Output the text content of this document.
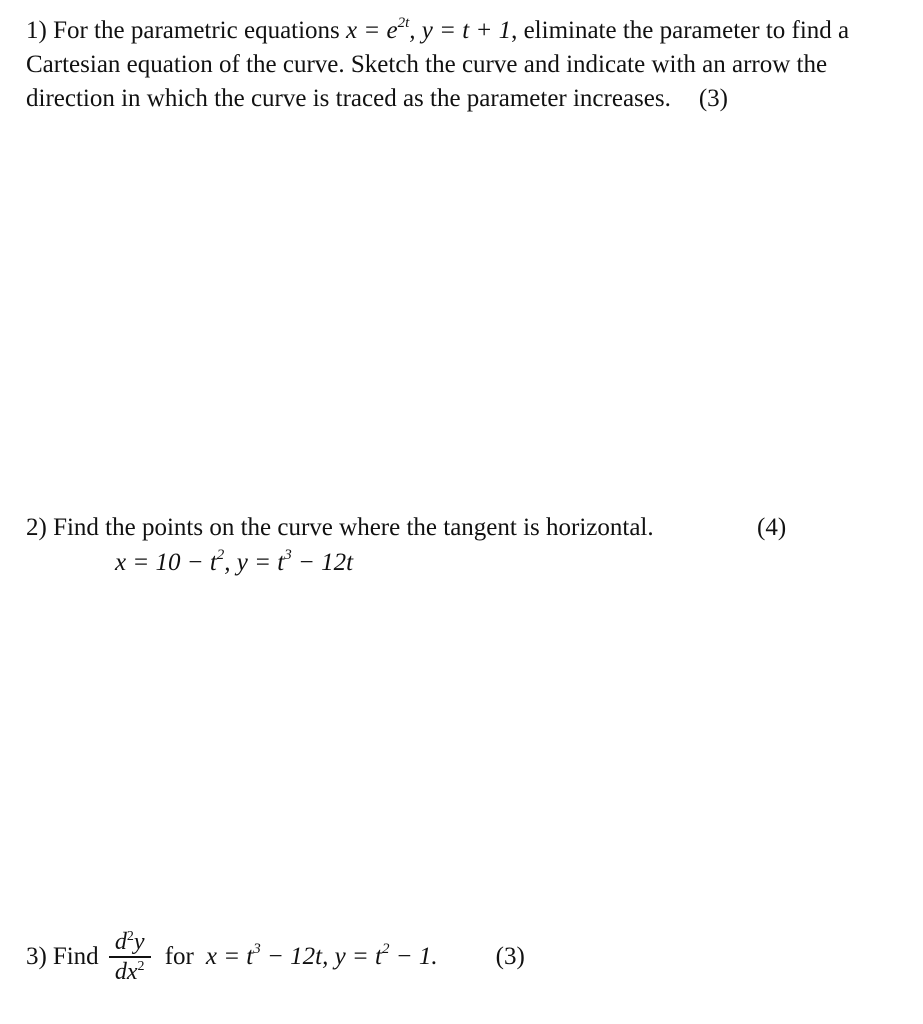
1) For the parametric equations $x = e^{2t}$, y = t + 1, eliminate the parameter to find a
Cartesian equation of the curve. Sketch the curve and indicate with an arrow the
direction in which the curve is traced as the parameter increases. (3)
2) Find the points on the curve where the tangent is horizontal.	(4)
$x = 10 - t^2$, $y = t^3 - 12t$
3) Find $\frac{d^2y}{dx^2}$ for $x = t^3 - 12t$, $y = t^2 - 1$. (3)
